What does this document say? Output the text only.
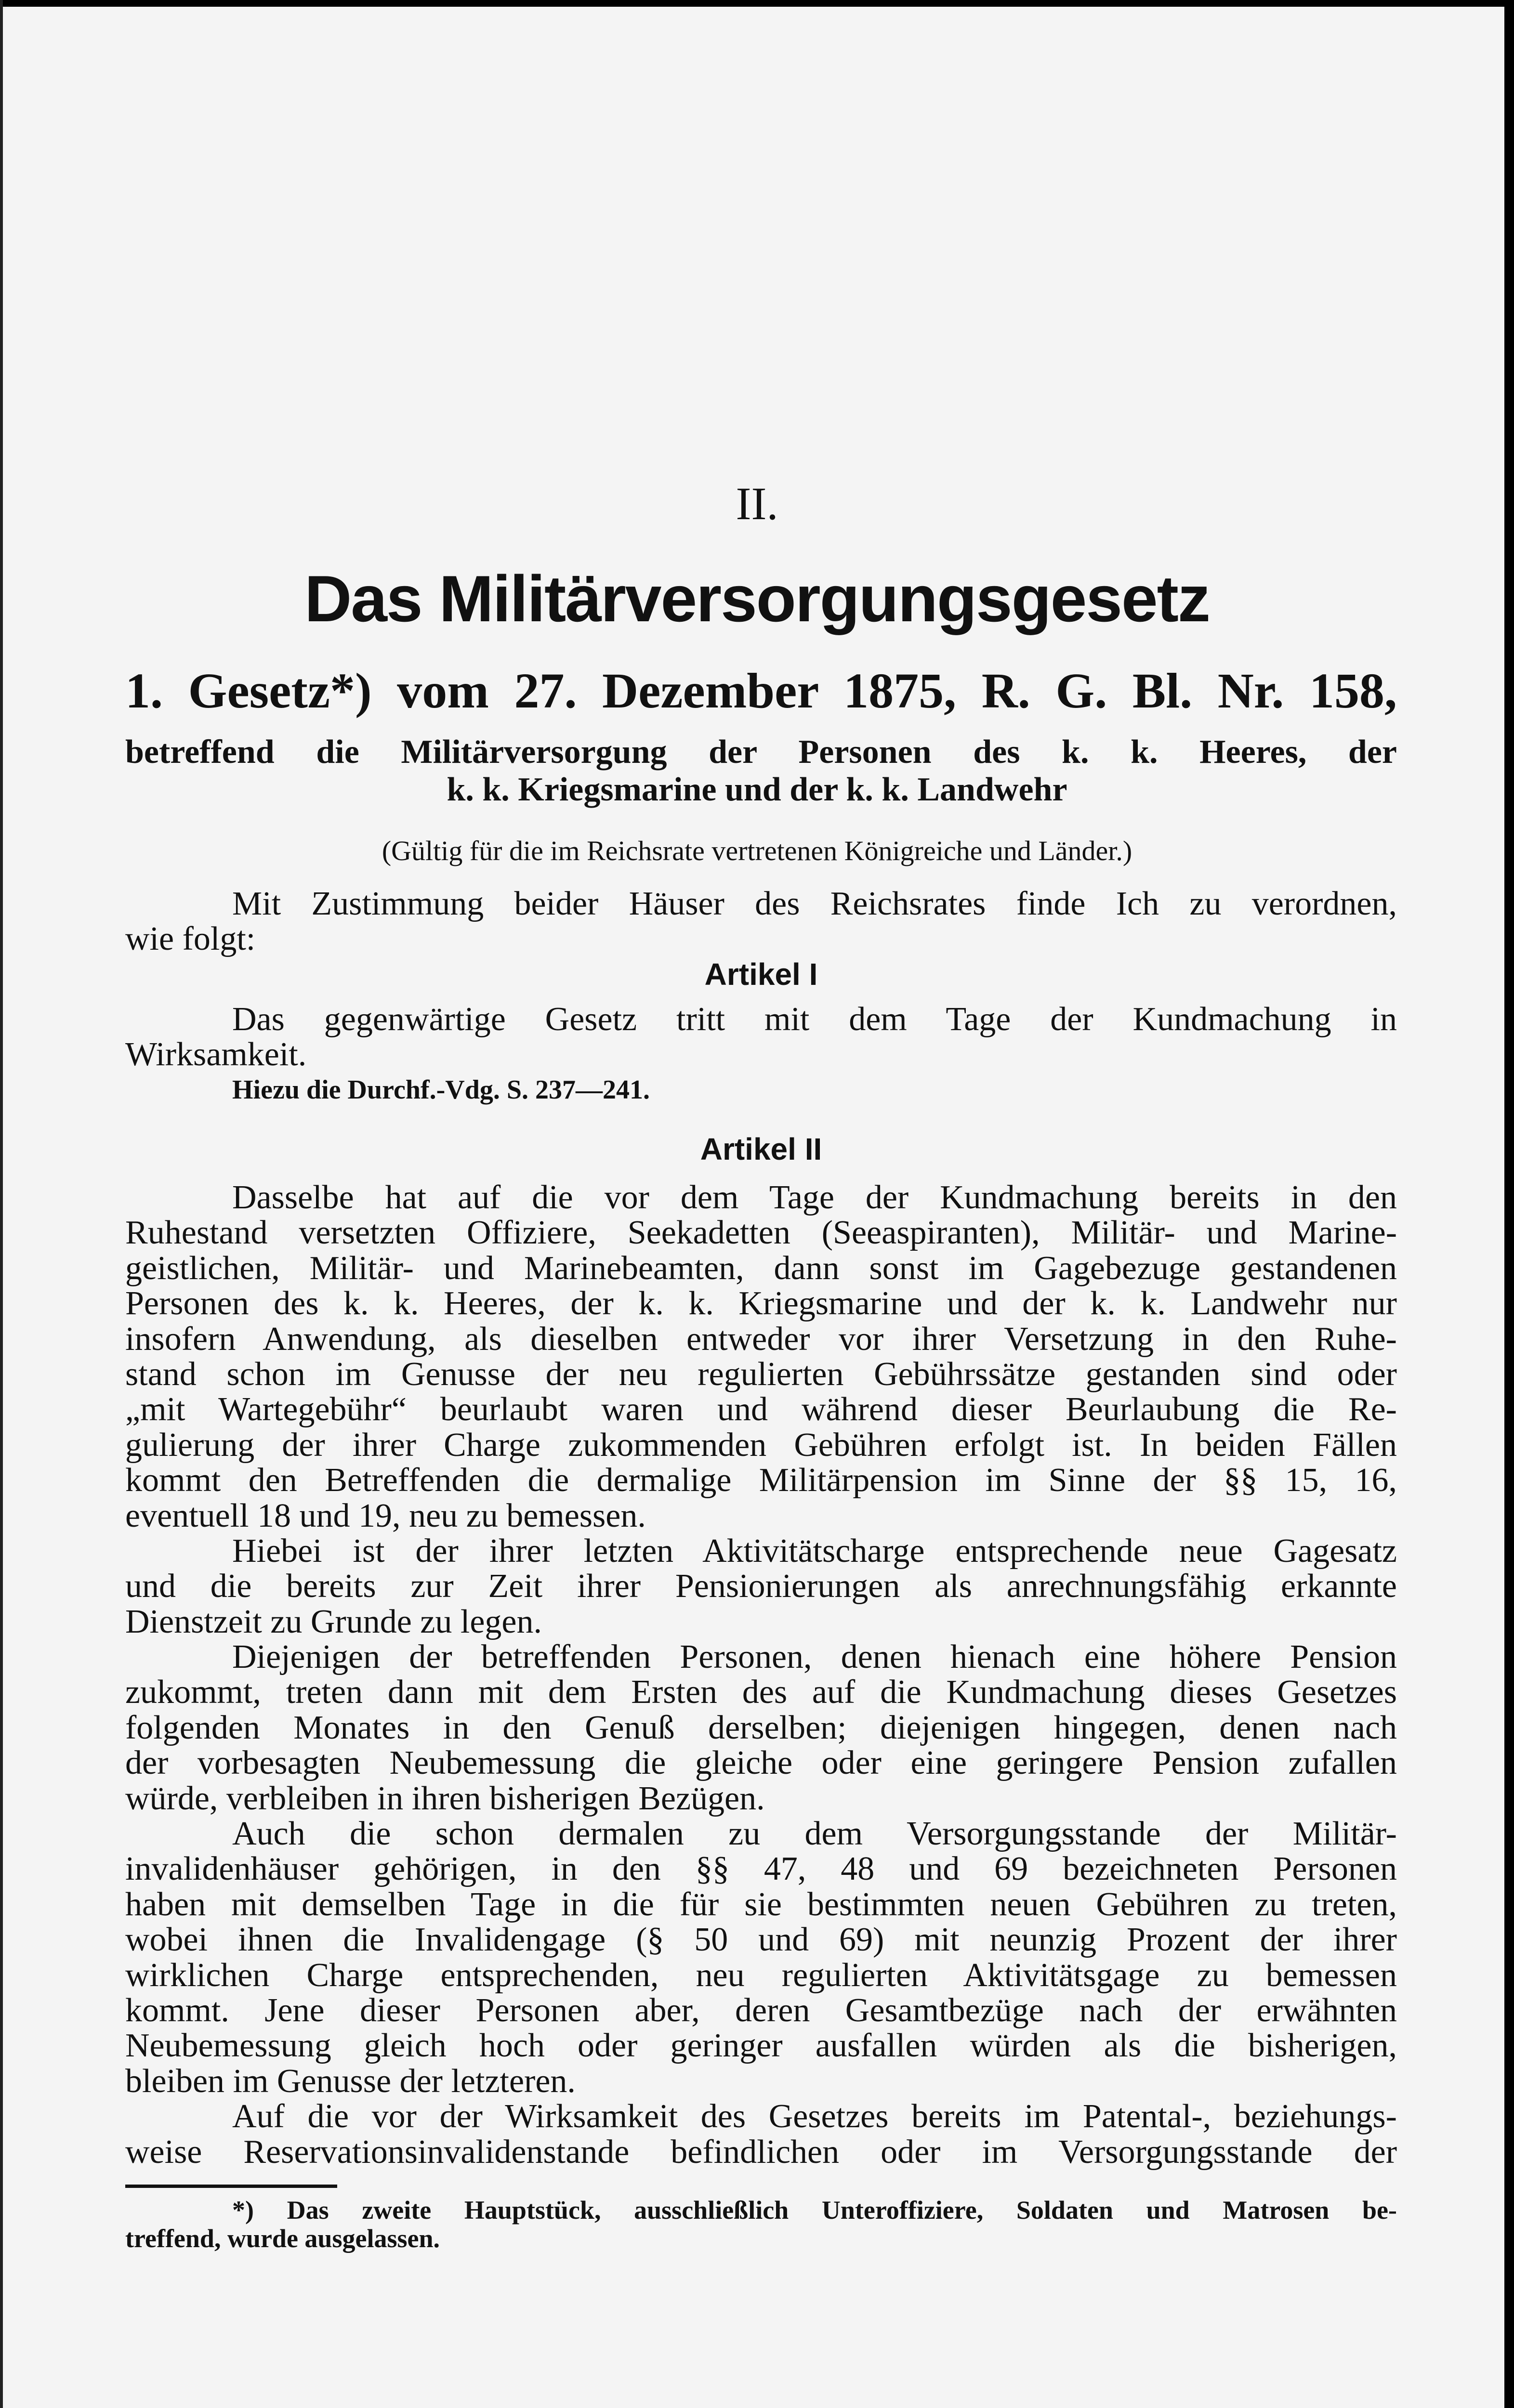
II.
Das Militärversorgungsgesetz
1. Gesetz*) vom 27. Dezember 1875, R. G. Bl. Nr. 158,
betreffend die Militärversorgung der Personen des k. k. Heeres, der
k. k. Kriegsmarine und der k. k. Landwehr
(Gültig für die im Reichsrate vertretenen Königreiche und Länder.)
Mit Zustimmung beider Häuser des Reichsrates finde Ich zu verordnen,
wie folgt:
Artikel I
Das gegenwärtige Gesetz tritt mit dem Tage der Kundmachung in
Wirksamkeit.
Hiezu die Durchf.-Vdg. S. 237—241.
Artikel II
Dasselbe hat auf die vor dem Tage der Kundmachung bereits in den
Ruhestand versetzten Offiziere, Seekadetten (Seeaspiranten), Militär- und Marine-
geistlichen, Militär- und Marinebeamten, dann sonst im Gagebezuge gestandenen
Personen des k. k. Heeres, der k. k. Kriegsmarine und der k. k. Landwehr nur
insofern Anwendung, als dieselben entweder vor ihrer Versetzung in den Ruhe-
stand schon im Genusse der neu regulierten Gebührssätze gestanden sind oder
„mit Wartegebühr“ beurlaubt waren und während dieser Beurlaubung die Re-
gulierung der ihrer Charge zukommenden Gebühren erfolgt ist. In beiden Fällen
kommt den Betreffenden die dermalige Militärpension im Sinne der §§ 15, 16,
eventuell 18 und 19, neu zu bemessen.
Hiebei ist der ihrer letzten Aktivitätscharge entsprechende neue Gagesatz
und die bereits zur Zeit ihrer Pensionierungen als anrechnungsfähig erkannte
Dienstzeit zu Grunde zu legen.
Diejenigen der betreffenden Personen, denen hienach eine höhere Pension
zukommt, treten dann mit dem Ersten des auf die Kundmachung dieses Gesetzes
folgenden Monates in den Genuß derselben; diejenigen hingegen, denen nach
der vorbesagten Neubemessung die gleiche oder eine geringere Pension zufallen
würde, verbleiben in ihren bisherigen Bezügen.
Auch die schon dermalen zu dem Versorgungsstande der Militär-
invalidenhäuser gehörigen, in den §§ 47, 48 und 69 bezeichneten Personen
haben mit demselben Tage in die für sie bestimmten neuen Gebühren zu treten,
wobei ihnen die Invalidengage (§ 50 und 69) mit neunzig Prozent der ihrer
wirklichen Charge entsprechenden, neu regulierten Aktivitätsgage zu bemessen
kommt. Jene dieser Personen aber, deren Gesamtbezüge nach der erwähnten
Neubemessung gleich hoch oder geringer ausfallen würden als die bisherigen,
bleiben im Genusse der letzteren.
Auf die vor der Wirksamkeit des Gesetzes bereits im Patental-, beziehungs-
weise Reservationsinvalidenstande befindlichen oder im Versorgungsstande der
*) Das zweite Hauptstück, ausschließlich Unteroffiziere, Soldaten und Matrosen be-
treffend, wurde ausgelassen.
